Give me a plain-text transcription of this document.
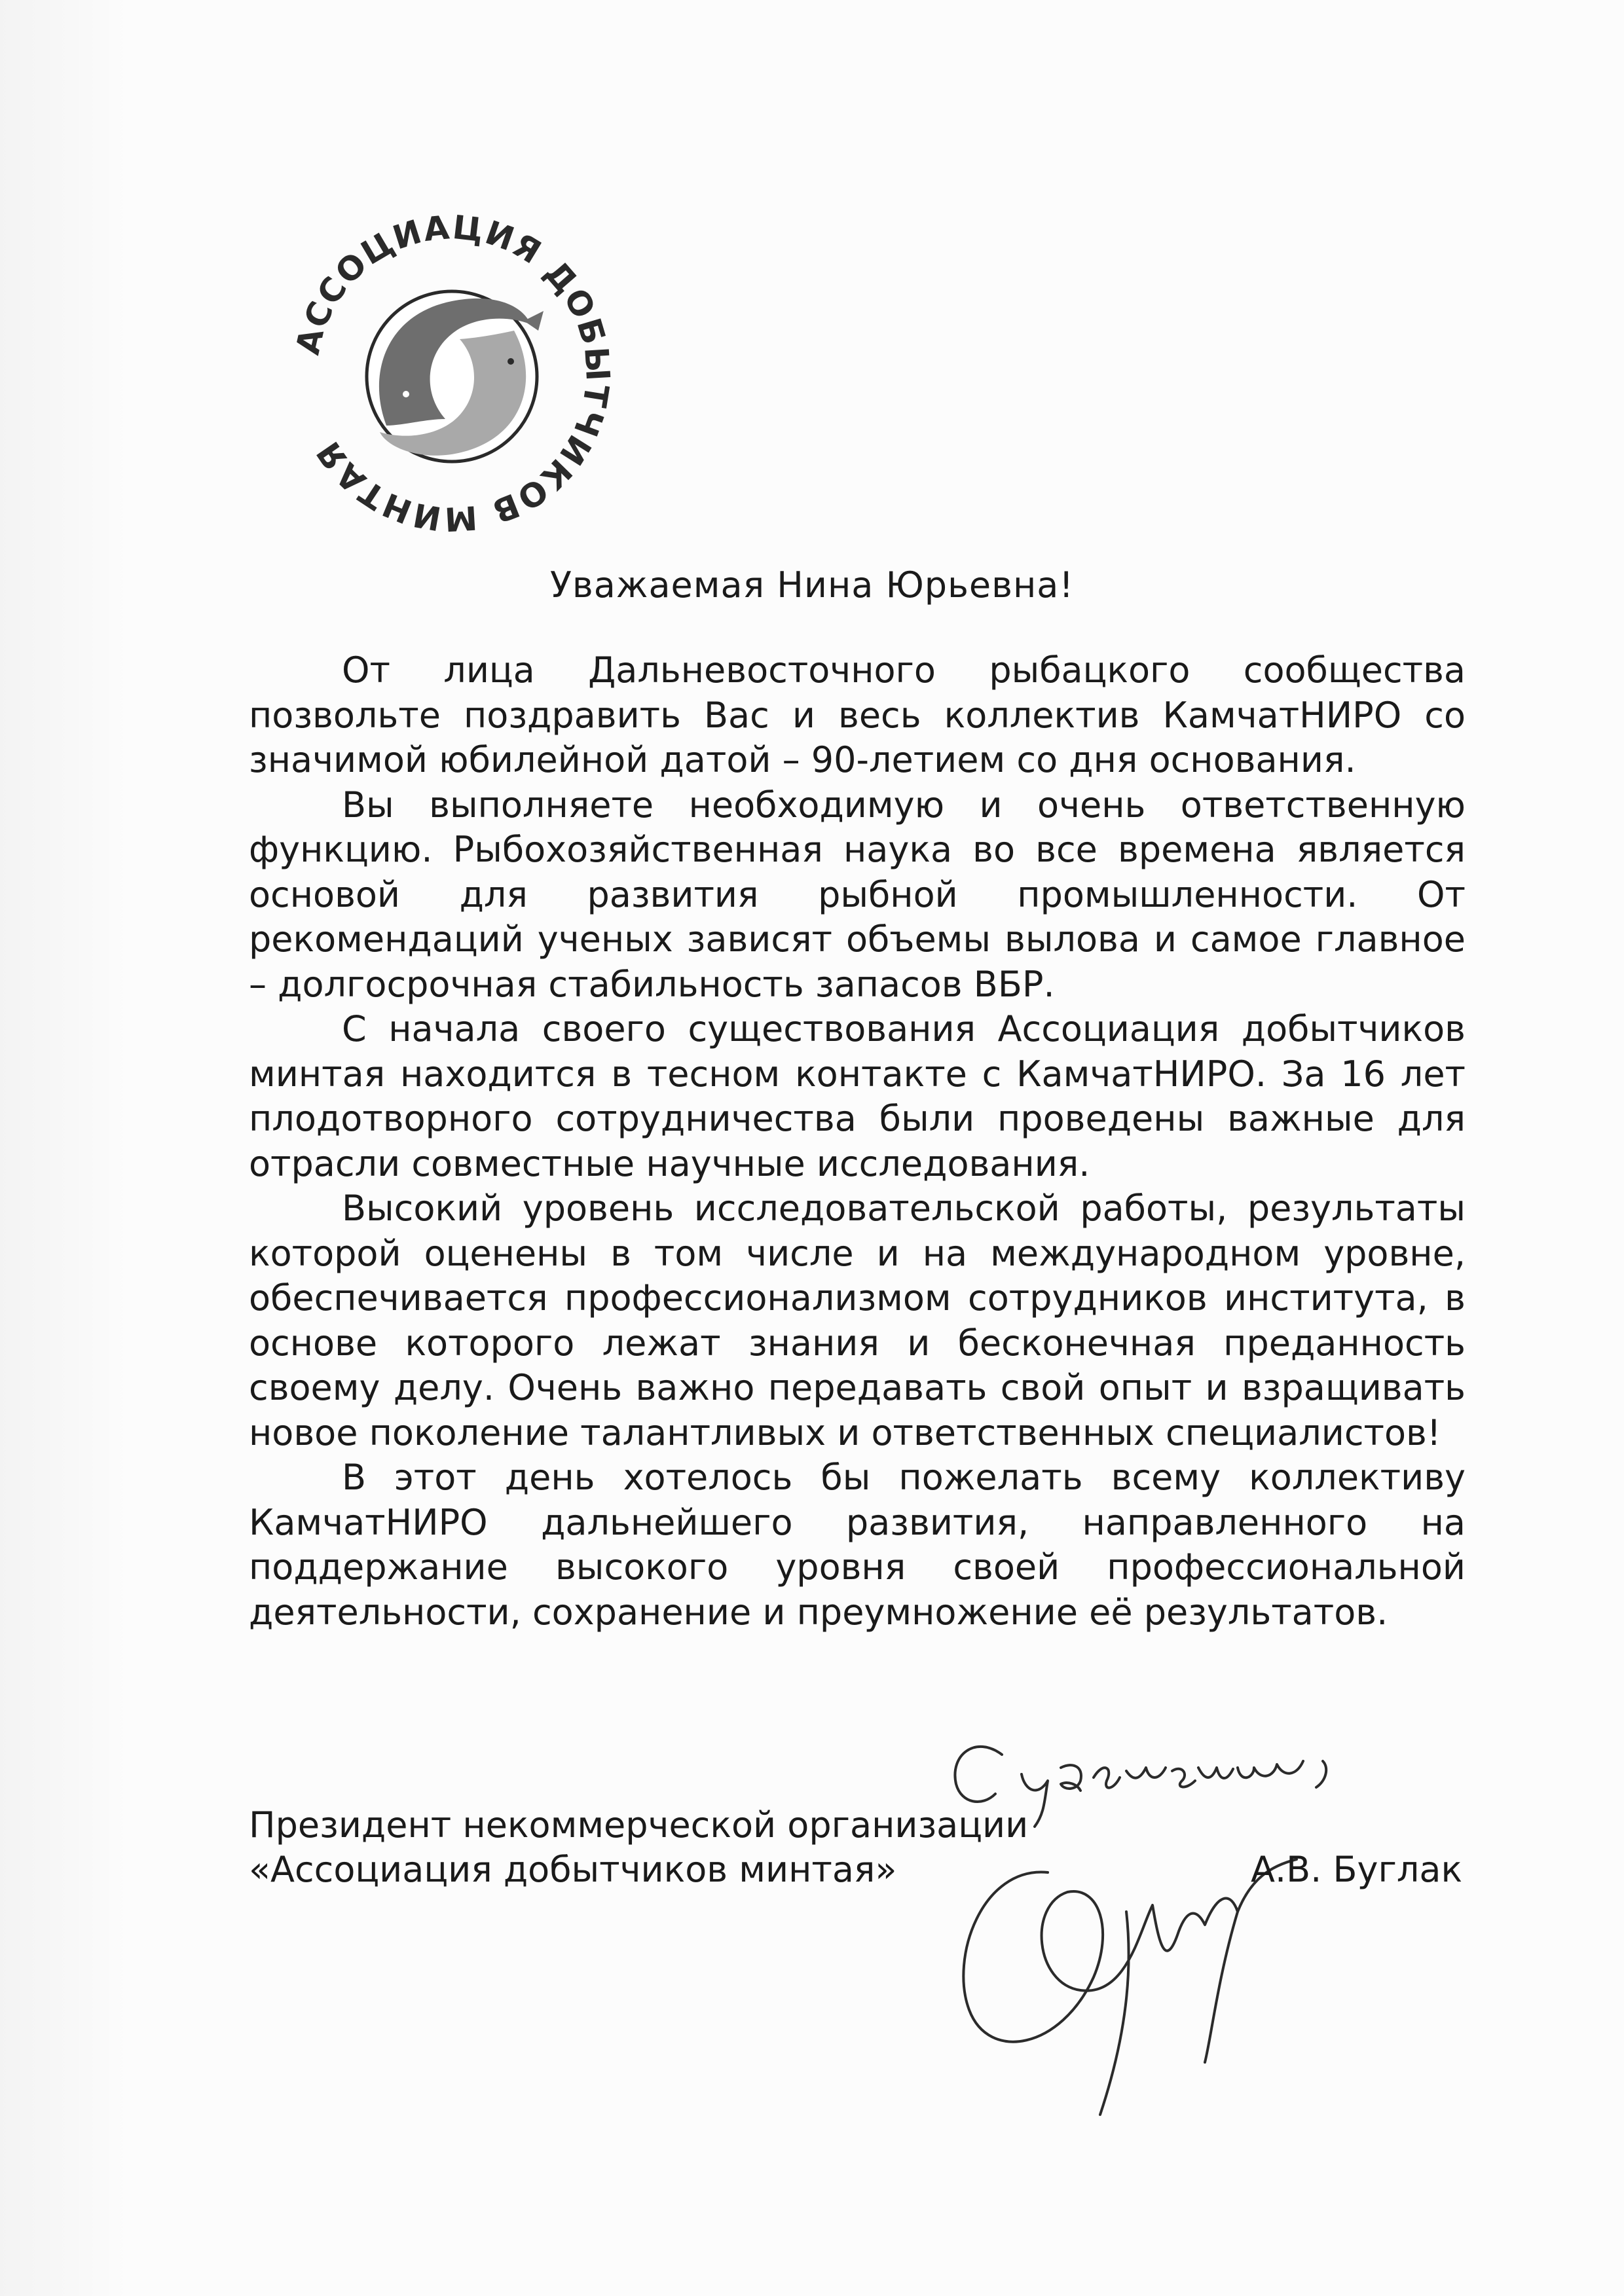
АССОЦИАЦИЯ ДОБЫТЧИКОВ МИНТАЯ
Уважаемая Нина Юрьевна!

От лица Дальневосточного рыбацкого сообщества позвольте поздравить Вас и весь коллектив КамчатНИРО со значимой юбилейной датой – 90-летием со дня основания.

Вы выполняете необходимую и очень ответственную функцию. Рыбохозяйственная наука во все времена является основой для развития рыбной промышленности. От рекомендаций ученых зависят объемы вылова и самое главное – долгосрочная стабильность запасов ВБР.

С начала своего существования Ассоциация добытчиков минтая находится в тесном контакте с КамчатНИРО. За 16 лет плодотворного сотрудничества были проведены важные для отрасли совместные научные исследования.

Высокий уровень исследовательской работы, результаты которой оценены в том числе и на международном уровне, обеспечивается профессионализмом сотрудников института, в основе которого лежат знания и бесконечная преданность своему делу. Очень важно передавать свой опыт и взращивать новое поколение талантливых и ответственных специалистов!

В этот день хотелось бы пожелать всему коллективу КамчатНИРО дальнейшего развития, направленного на поддержание высокого уровня своей профессиональной деятельности, сохранение и преумножение её результатов.

Президент некоммерческой организации
«Ассоциация добытчиков минтая»	А.В. Буглак
